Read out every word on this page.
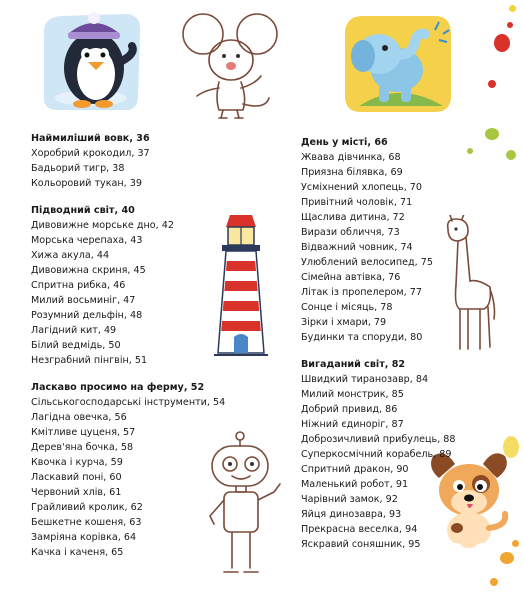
Наймиліший вовк, 36
Хоробрий крокодил, 37
Бадьорий тигр, 38
Кольоровий тукан, 39
Підводний світ, 40
Дивовижне морське дно, 42
Морська черепаха, 43
Хижа акула, 44
Дивовижна скриня, 45
Спритна рибка, 46
Милий восьминіг, 47
Розумний дельфін, 48
Лагідний кит, 49
Білий ведмідь, 50
Незграбний пінгвін, 51
Ласкаво просимо на ферму, 52
Сільськогосподарські інструменти, 54
Лагідна овечка, 56
Кмітливе цуценя, 57
Дерев'яна бочка, 58
Квочка і курча, 59
Ласкавий поні, 60
Червоний хлів, 61
Грайливий кролик, 62
Бешкетне кошеня, 63
Замріяна корівка, 64
Качка і каченя, 65
День у місті, 66
Жвава дівчинка, 68
Приязна білявка, 69
Усміхнений хлопець, 70
Привітний чоловік, 71
Щаслива дитина, 72
Вирази обличчя, 73
Відважний човник, 74
Улюблений велосипед, 75
Сімейна автівка, 76
Літак із пропелером, 77
Сонце і місяць, 78
Зірки і хмари, 79
Будинки та споруди, 80
Вигаданий світ, 82
Швидкий тиранозавр, 84
Милий монстрик, 85
Добрий привид, 86
Ніжний єдиноріг, 87
Доброзичливий прибулець, 88
Суперкосмічний корабель, 89
Спритний дракон, 90
Маленький робот, 91
Чарівний замок, 92
Яйця динозавра, 93
Прекрасна веселка, 94
Яскравий соняшник, 95
